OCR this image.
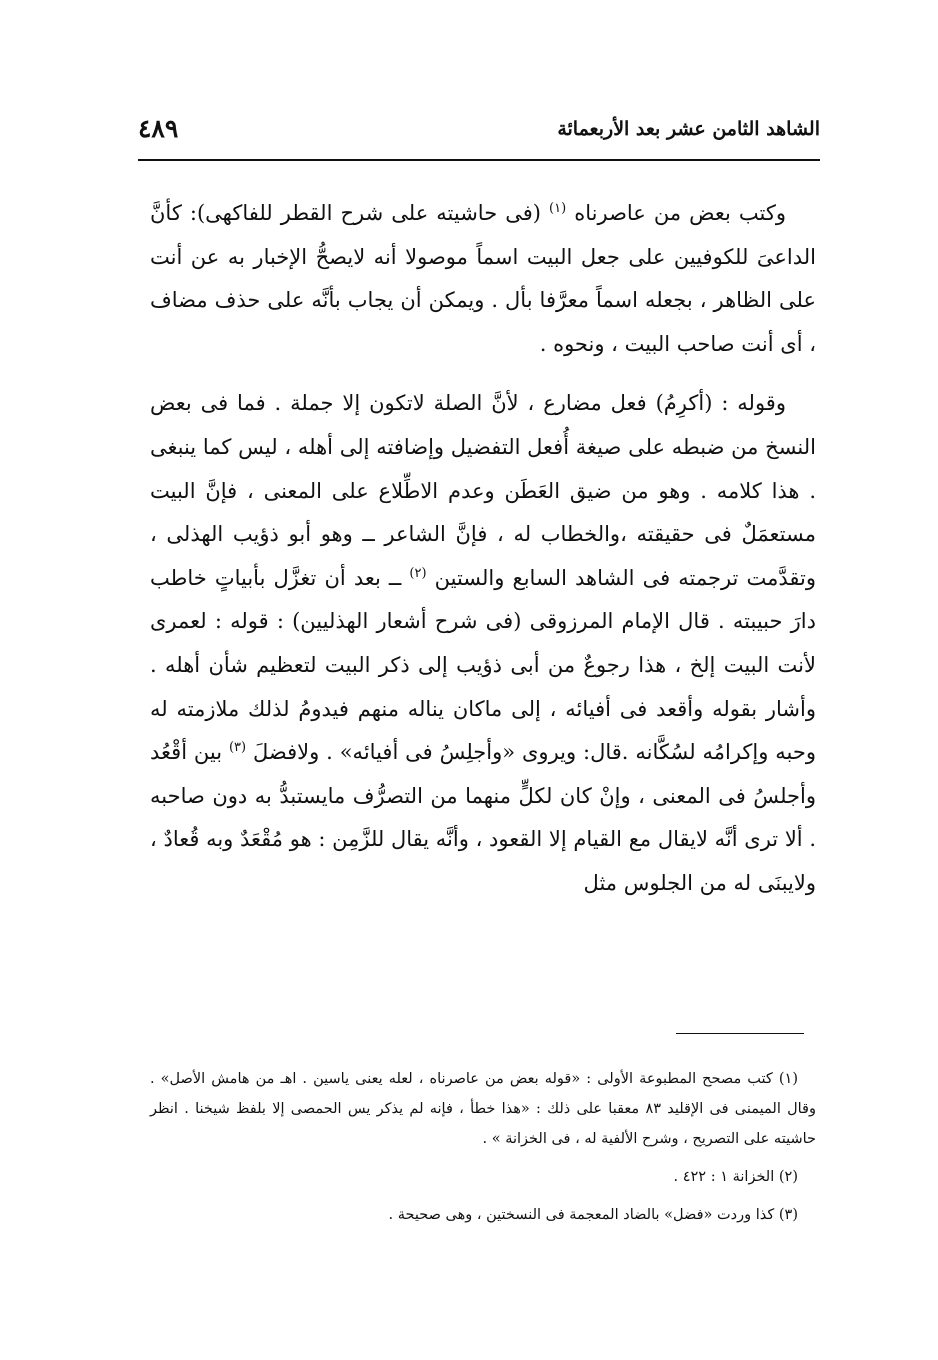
الشاهد الثامن عشر بعد الأربعمائة
٤٨٩

وكتب بعض من عاصرناه $^{(١)}$ (فى حاشيته على شرح القطر للفاكهى): كأنَّ الداعىَ للكوفيين على جعل البيت اسماً موصولا أنه لايصحُّ الإخبار به عن أنت على الظاهر ، بجعله اسماً معرَّفا بأل . ويمكن أن يجاب بأنَّه على حذف مضاف ، أى أنت صاحب البيت ، ونحوه .

وقوله : (أكرِمُ) فعل مضارع ، لأنَّ الصلة لاتكون إلا جملة . فما فى بعض النسخ من ضبطه على صيغة أُفعل التفضيل وإضافته إلى أهله ، ليس كما ينبغى . هذا كلامه . وهو من ضيق العَطَن وعدم الاطِّلاع على المعنى ، فإنَّ البيت مستعمَلٌ فى حقيقته ،والخطاب له ، فإنَّ الشاعر ــ وهو أبو ذؤيب الهذلى ، وتقدَّمت ترجمته فى الشاهد السابع والستين $^{(٢)}$ ــ بعد أن تغزَّل بأبياتٍ خاطب دارَ حبيبته . قال الإمام المرزوقى (فى شرح أشعار الهذليين) : قوله : لعمرى لأنت البيت إلخ ، هذا رجوعٌ من أبى ذؤيب إلى ذكر البيت لتعظيم شأن أهله . وأشار بقوله وأقعد فى أفيائه ، إلى ماكان يناله منهم فيدومُ لذلك ملازمته له وحبه وإكرامُه لسُكَّانه .قال: ويروى «وأجلِسُ فى أفيائه» . ولافضلَ $^{(٣)}$ بين أقْعُد وأجلسُ فى المعنى ، وإنْ كان لكلٍّ منهما من التصرُّف مايستبدُّ به دون صاحبه . ألا ترى أنَّه لايقال مع القيام إلا القعود ، وأنَّه يقال للزَّمِن : هو مُقْعَدٌ وبه قُعادٌ ، ولايبنَى له من الجلوس مثل

(١) كتب مصحح المطبوعة الأولى : «قوله بعض من عاصرناه ، لعله يعنى ياسين . اهـ من هامش الأصل» . وقال الميمنى فى الإقليد ٨٣ معقبا على ذلك : «هذا خطأ ، فإنه لم يذكر يس الحمصى إلا بلفظ شيخنا . انظر حاشيته على التصريح ، وشرح الألفية له ، فى الخزانة » .

(٢) الخزانة ١ : ٤٢٢ .

(٣) كذا وردت «فضل» بالضاد المعجمة فى النسختين ، وهى صحيحة .
